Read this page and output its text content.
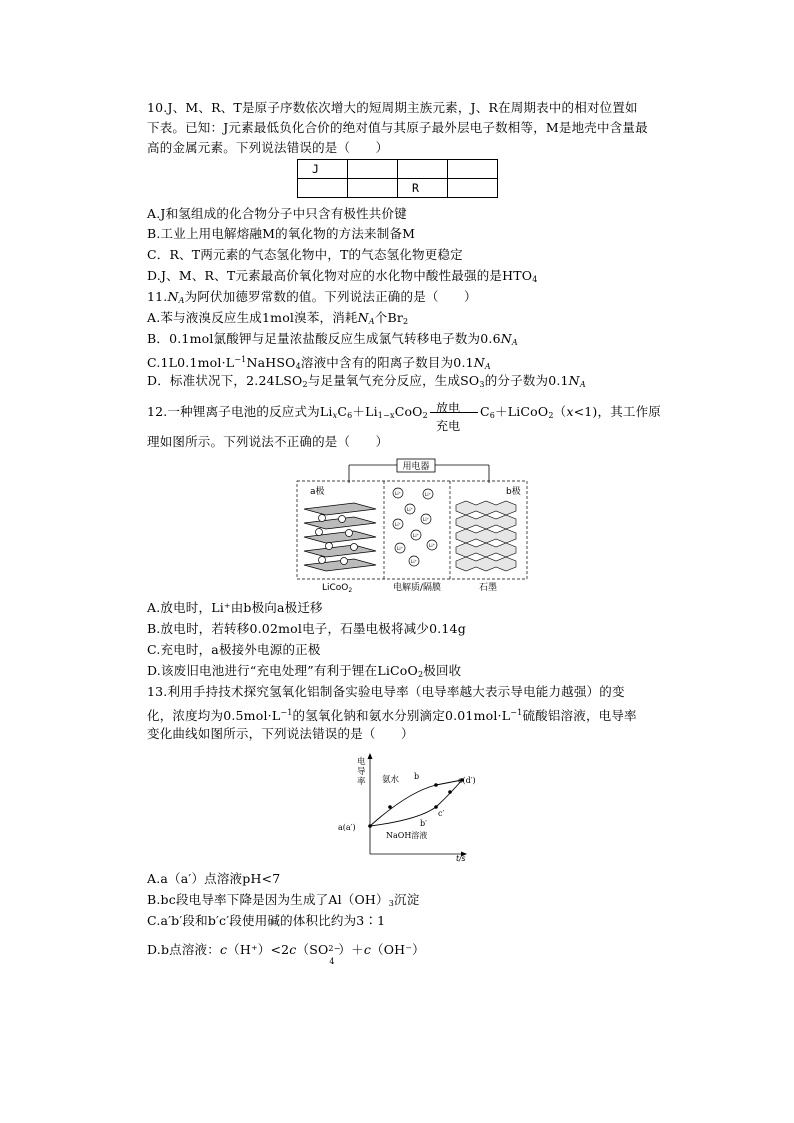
10.J、M、R、T是原子序数依次增大的短周期主族元素，J、R在周期表中的相对位置如
下表。已知：J元素最低负化合价的绝对值与其原子最外层电子数相等，M是地壳中含量最
高的金属元素。下列说法错误的是（　　）
J			
		R	
A.J和氢组成的化合物分子中只含有极性共价键
B.工业上用电解熔融M的氧化物的方法来制备M
C．R、T两元素的气态氢化物中，T的气态氢化物更稳定
D.J、M、R、T元素最高价氧化物对应的水化物中酸性最强的是$HTO_4$
$11.N_A$为阿伏加德罗常数的值。下列说法正确的是（　　）
A.苯与液溴反应生成1mol溴苯，消耗$N_A$个$Br_2$
B．0.1mol氯酸钾与足量浓盐酸反应生成氯气转移电子数为$0.6N_A$
$C.1L0.1mol\cdot L^{-1}NaHSO_4$溶液中含有的阳离子数目为$0.1N_A$
D．标准状况下，$2.24LSO_2$与足量氧气充分反应，生成$SO_3$的分子数为$0.1N_A$
12.一种锂离子电池的反应式为$Li_xC_6+Li_{1-x}CoO_2$
放电
充电
$C_6+LiCoO_2(x<1)$，其工作原
理如图所示。下列说法不正确的是（　　）
用电器
a极	b极
Li⁺	Li⁺
Li⁺
Li⁺
Li⁺
Li⁺
Li⁺
Li⁺
Li⁺
LiCoO$_2$	电解质/隔膜	石墨
A.放电时，Li⁺由b极向a极迁移
B.放电时，若转移0.02mol电子，石墨电极将减少0.14g
C.充电时，a极接外电源的正极
D.该废旧电池进行“充电处理”有利于锂在LiCoO$_2$极回收
13.利用手持技术探究氢氧化铝制备实验电导率（电导率越大表示导电能力越强）的变
化，浓度均为$0.5mol\cdot L^{-1}$的氢氧化钠和氨水分别滴定$0.01mol\cdot L^{-1}$硫酸铝溶液，电导率
变化曲线如图所示，下列说法错误的是（　　）
电导率
t/s
氨水
NaOH溶液
a(a′)
b	c(d′)
b′
c′
A.a（a′）点溶液pH<7
B.bc段电导率下降是因为生成了$Al(OH)_3$沉淀
C.a′b′段和b′c′段使用碱的体积比约为3∶1
D.b点溶液：c（H⁺）<2c（SO 2−
4
）＋c（OH⁻）
